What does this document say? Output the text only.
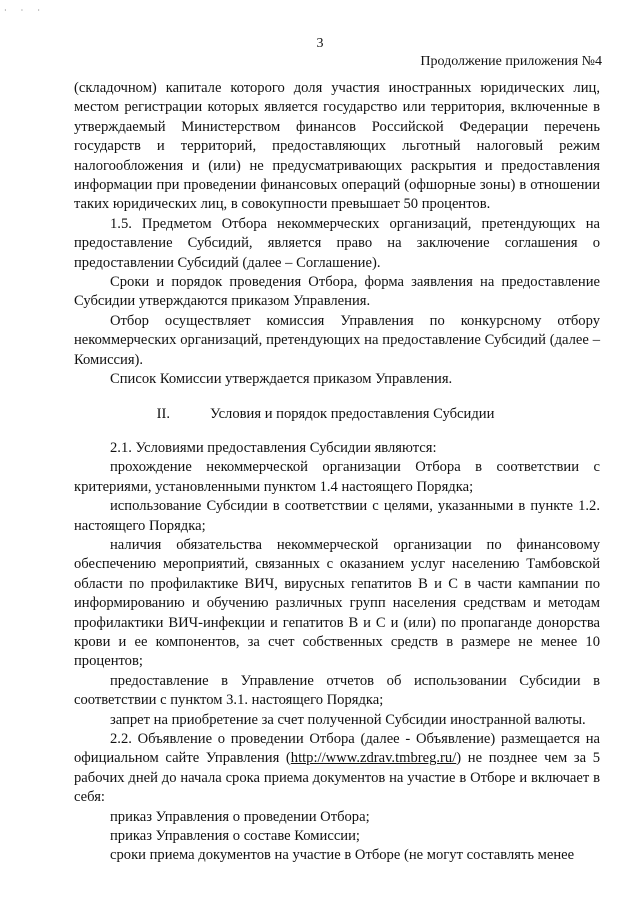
· · ·
3
Продолжение приложения №4

(складочном) капитале которого доля участия иностранных юридических лиц, местом регистрации которых является государство или территория, включенные в утверждаемый Министерством финансов Российской Федерации перечень государств и территорий, предоставляющих льготный налоговый режим налогообложения и (или) не предусматривающих раскрытия и предоставления информации при проведении финансовых операций (офшорные зоны) в отношении таких юридических лиц, в совокупности превышает 50 процентов.

1.5. Предметом Отбора некоммерческих организаций, претендующих на предоставление Субсидий, является право на заключение соглашения о предоставлении Субсидий (далее – Соглашение).

Сроки и порядок проведения Отбора, форма заявления на предоставление Субсидии утверждаются приказом Управления.

Отбор осуществляет комиссия Управления по конкурсному отбору некоммерческих организаций, претендующих на предоставление Субсидий (далее – Комиссия).

Список Комиссии утверждается приказом Управления.

II.	Условия и порядок предоставления Субсидии

2.1. Условиями предоставления Субсидии являются:

прохождение некоммерческой организации Отбора в соответствии с критериями, установленными пунктом 1.4 настоящего Порядка;

использование Субсидии в соответствии с целями, указанными в пункте 1.2. настоящего Порядка;

наличия обязательства некоммерческой организации по финансовому обеспечению мероприятий, связанных с оказанием услуг населению Тамбовской области по профилактике ВИЧ, вирусных гепатитов В и С в части кампании по информированию и обучению различных групп населения средствам и методам профилактики ВИЧ-инфекции и гепатитов В и С и (или) по пропаганде донорства крови и ее компонентов, за счет собственных средств в размере не менее 10 процентов;

предоставление в Управление отчетов об использовании Субсидии в соответствии с пунктом 3.1. настоящего Порядка;

запрет на приобретение за счет полученной Субсидии иностранной валюты.

2.2. Объявление о проведении Отбора (далее - Объявление) размещается на официальном сайте Управления (http://www.zdrav.tmbreg.ru/) не позднее чем за 5 рабочих дней до начала срока приема документов на участие в Отборе и включает в себя:

приказ Управления о проведении Отбора;

приказ Управления о составе Комиссии;

сроки приема документов на участие в Отборе (не могут составлять менее
